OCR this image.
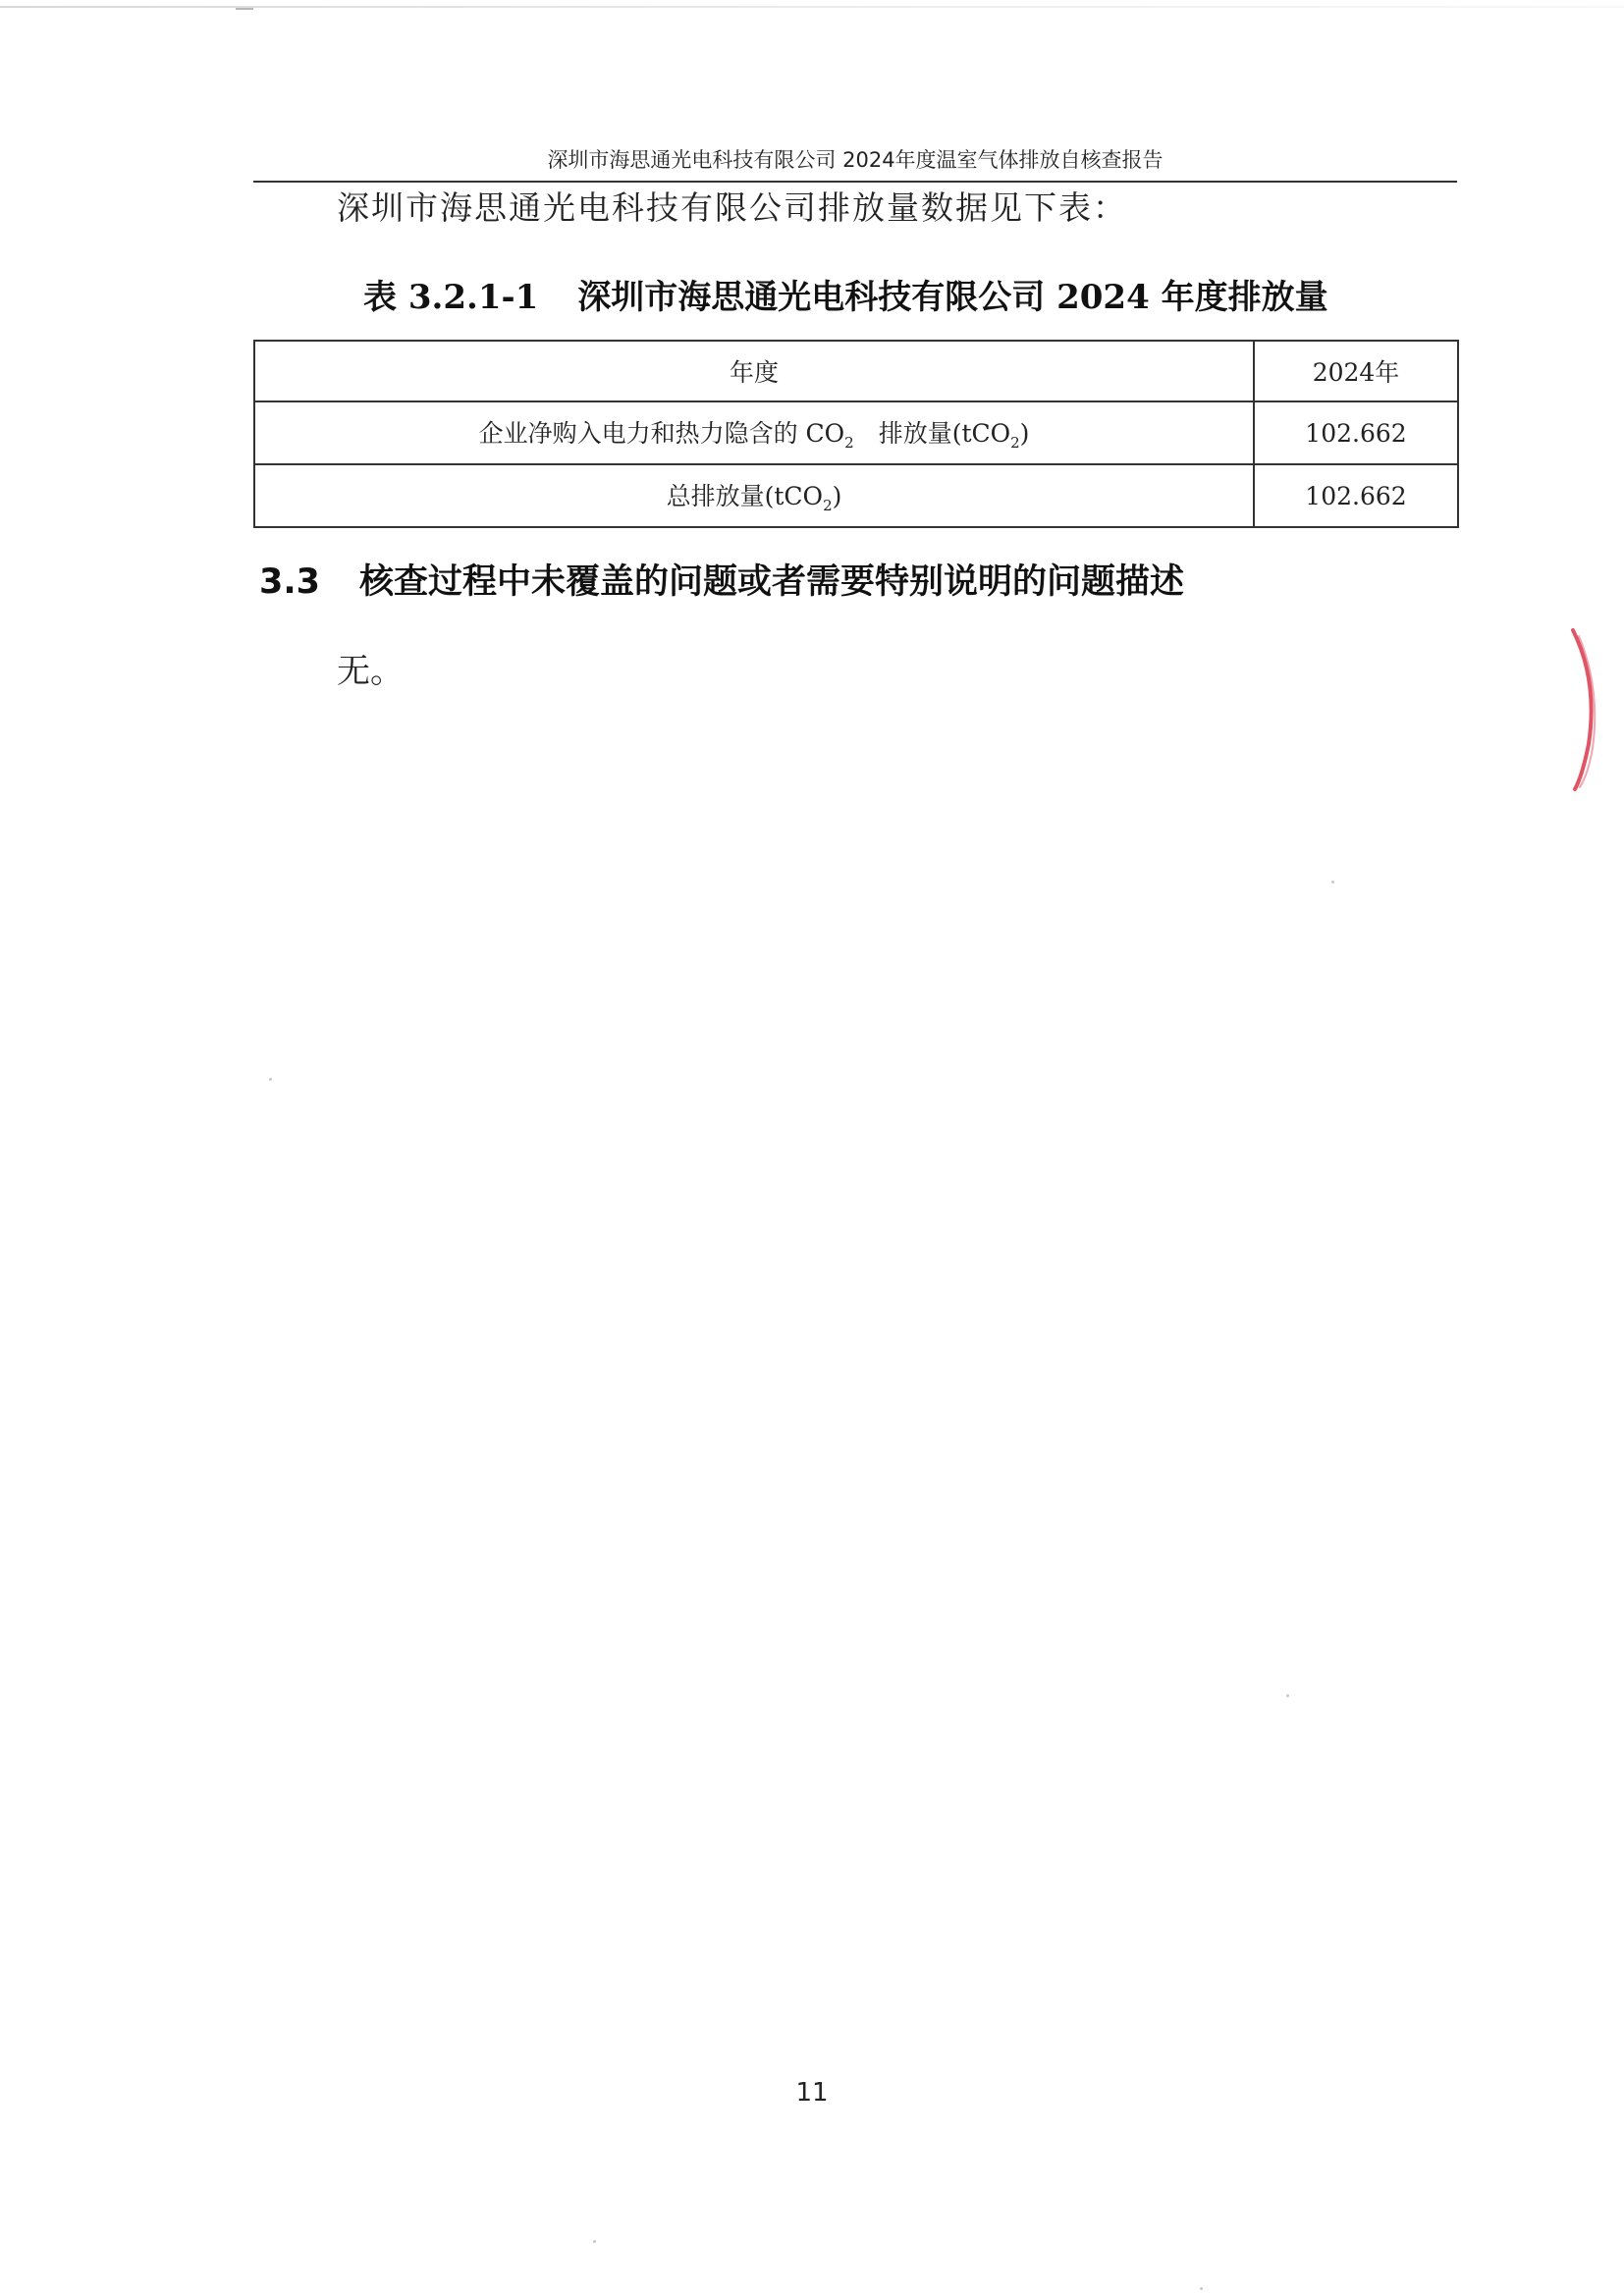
深圳市海思通光电科技有限公司 2024年度温室气体排放自核查报告
深圳市海思通光电科技有限公司排放量数据见下表：
表 3.2.1-1 深圳市海思通光电科技有限公司 2024 年度排放量
年度	2024年
企业净购入电力和热力隐含的 $CO_2$　排放量(tCO$_2$)	102.662
总排放量(tCO$_2$)	102.662
3.3 核查过程中未覆盖的问题或者需要特别说明的问题描述
无。
11
